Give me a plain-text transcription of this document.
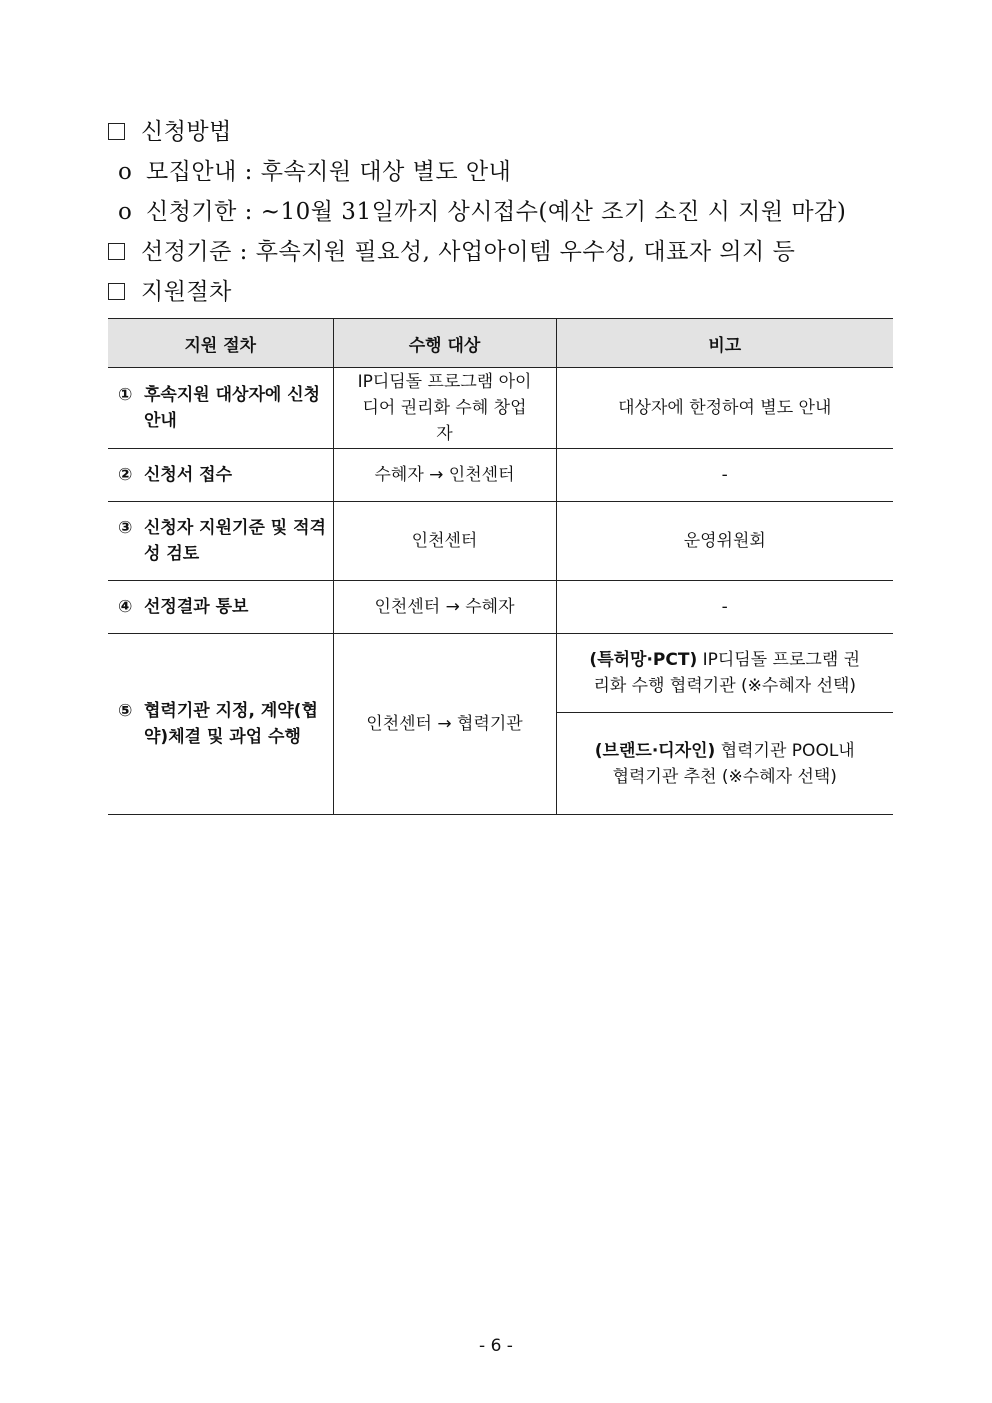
신청방법
o 모집안내 : 후속지원 대상 별도 안내
o 신청기한 : ~10월 31일까지 상시접수(예산 조기 소진 시 지원 마감)
선정기준 : 후속지원 필요성, 사업아이템 우수성, 대표자 의지 등
지원절차
지원 절차	수행 대상	비고

① 후속지원 대상자에 신청안내	IP디딤돌 프로그램 아이디어 권리화 수혜 창업자	대상자에 한정하여 별도 안내

② 신청서 접수	수혜자 → 인천센터	-

③ 신청자 지원기준 및 적격성 검토	인천센터	운영위원회

④ 선정결과 통보	인천센터 → 수혜자	-

⑤ 협력기관 지정, 계약(협약)체결 및 과업 수행	인천센터 → 협력기관	(특허망·PCT) IP디딤돌 프로그램 권리화 수행 협력기관 (※수혜자 선택)

		(브랜드·디자인) 협력기관 POOL내 협력기관 추천 (※수혜자 선택)
- 6 -
